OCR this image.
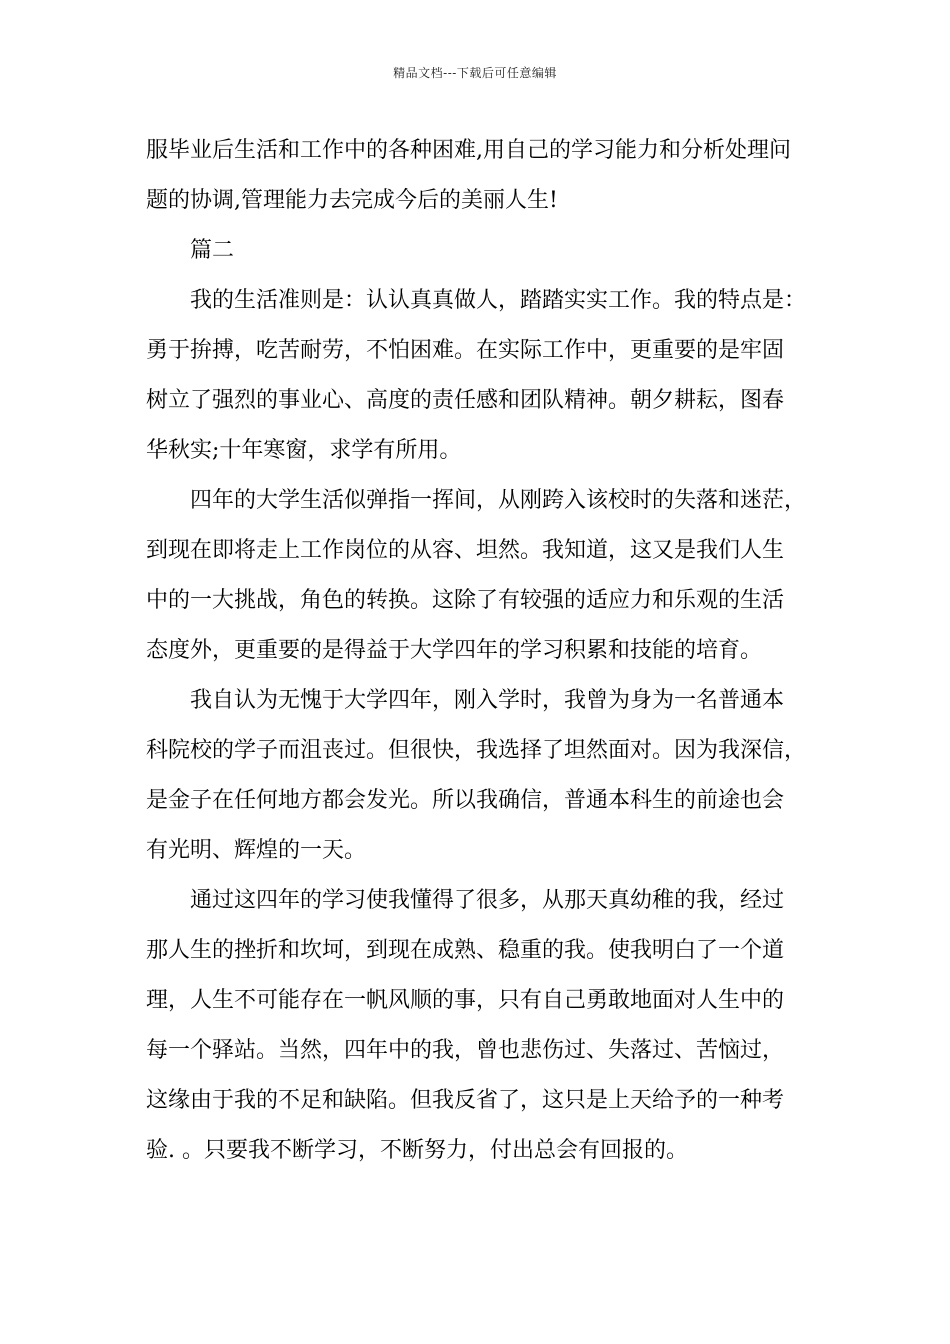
精品文档---下载后可任意编辑
服毕业后生活和工作中的各种困难,用自己的学习能力和分析处理问
题的协调,管理能力去完成今后的美丽人生!
篇二
我的生活准则是：认认真真做人，踏踏实实工作。我的特点是：
勇于拚搏，吃苦耐劳，不怕困难。在实际工作中，更重要的是牢固
树立了强烈的事业心、高度的责任感和团队精神。朝夕耕耘，图春
华秋实;十年寒窗，求学有所用。
四年的大学生活似弹指一挥间，从刚跨入该校时的失落和迷茫，
到现在即将走上工作岗位的从容、坦然。我知道，这又是我们人生
中的一大挑战，角色的转换。这除了有较强的适应力和乐观的生活
态度外，更重要的是得益于大学四年的学习积累和技能的培育。
我自认为无愧于大学四年，刚入学时，我曾为身为一名普通本
科院校的学子而沮丧过。但很快，我选择了坦然面对。因为我深信，
是金子在任何地方都会发光。所以我确信，普通本科生的前途也会
有光明、辉煌的一天。
通过这四年的学习使我懂得了很多，从那天真幼稚的我，经过
那人生的挫折和坎坷，到现在成熟、稳重的我。使我明白了一个道
理，人生不可能存在一帆风顺的事，只有自己勇敢地面对人生中的
每一个驿站。当然，四年中的我，曾也悲伤过、失落过、苦恼过，
这缘由于我的不足和缺陷。但我反省了，这只是上天给予的一种考
验. 。只要我不断学习，不断努力，付出总会有回报的。
